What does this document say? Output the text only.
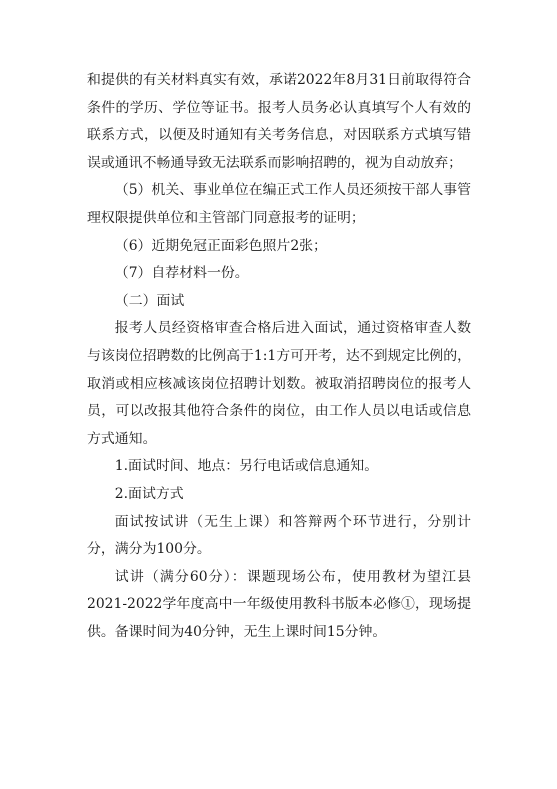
和提供的有关材料真实有效，承诺2022年8月31日前取得符合条件的学历、学位等证书。报考人员务必认真填写个人有效的联系方式，以便及时通知有关考务信息，对因联系方式填写错误或通讯不畅通导致无法联系而影响招聘的，视为自动放弃；

（5）机关、事业单位在编正式工作人员还须按干部人事管理权限提供单位和主管部门同意报考的证明；

（6）近期免冠正面彩色照片2张；

（7）自荐材料一份。

（二）面试

报考人员经资格审查合格后进入面试，通过资格审查人数与该岗位招聘数的比例高于1:1方可开考，达不到规定比例的，取消或相应核减该岗位招聘计划数。被取消招聘岗位的报考人员，可以改报其他符合条件的岗位，由工作人员以电话或信息方式通知。

1.面试时间、地点：另行电话或信息通知。

2.面试方式

面试按试讲（无生上课）和答辩两个环节进行，分别计分，满分为100分。

试讲（满分60分）：课题现场公布，使用教材为望江县2021-2022学年度高中一年级使用教科书版本必修①，现场提供。备课时间为40分钟，无生上课时间15分钟。
